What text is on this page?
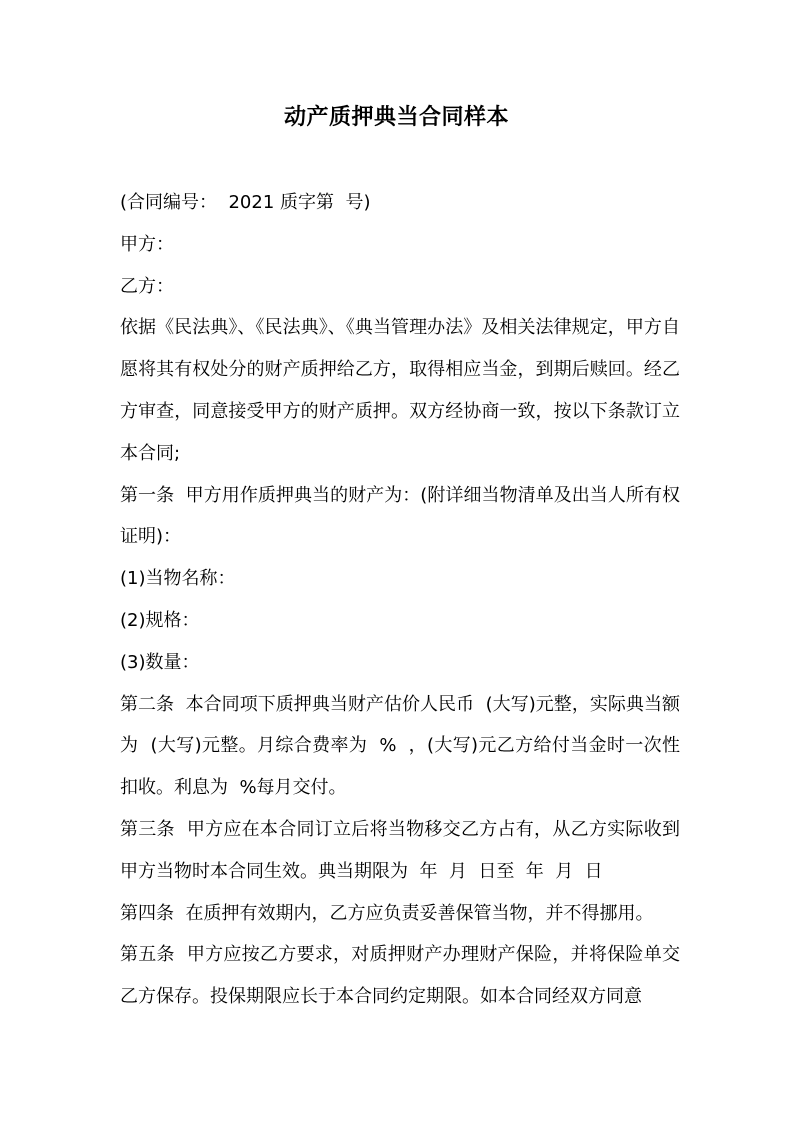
动产质押典当合同样本

(合同编号：  2021 质字第  号)

甲方：

乙方：

依据《民法典》、《民法典》、《典当管理办法》及相关法律规定，甲方自愿将其有权处分的财产质押给乙方，取得相应当金，到期后赎回。经乙方审查，同意接受甲方的财产质押。双方经协商一致，按以下条款订立本合同;

第一条  甲方用作质押典当的财产为：(附详细当物清单及出当人所有权证明)：

(1)当物名称：

(2)规格：

(3)数量：

第二条  本合同项下质押典当财产估价人民币  (大写)元整，实际典当额为  (大写)元整。月综合费率为  %  ，(大写)元乙方给付当金时一次性扣收。利息为  %每月交付。

第三条  甲方应在本合同订立后将当物移交乙方占有，从乙方实际收到甲方当物时本合同生效。典当期限为  年  月  日至  年  月  日

第四条  在质押有效期内，乙方应负责妥善保管当物，并不得挪用。

第五条  甲方应按乙方要求，对质押财产办理财产保险，并将保险单交乙方保存。投保期限应长于本合同约定期限。如本合同经双方同意
